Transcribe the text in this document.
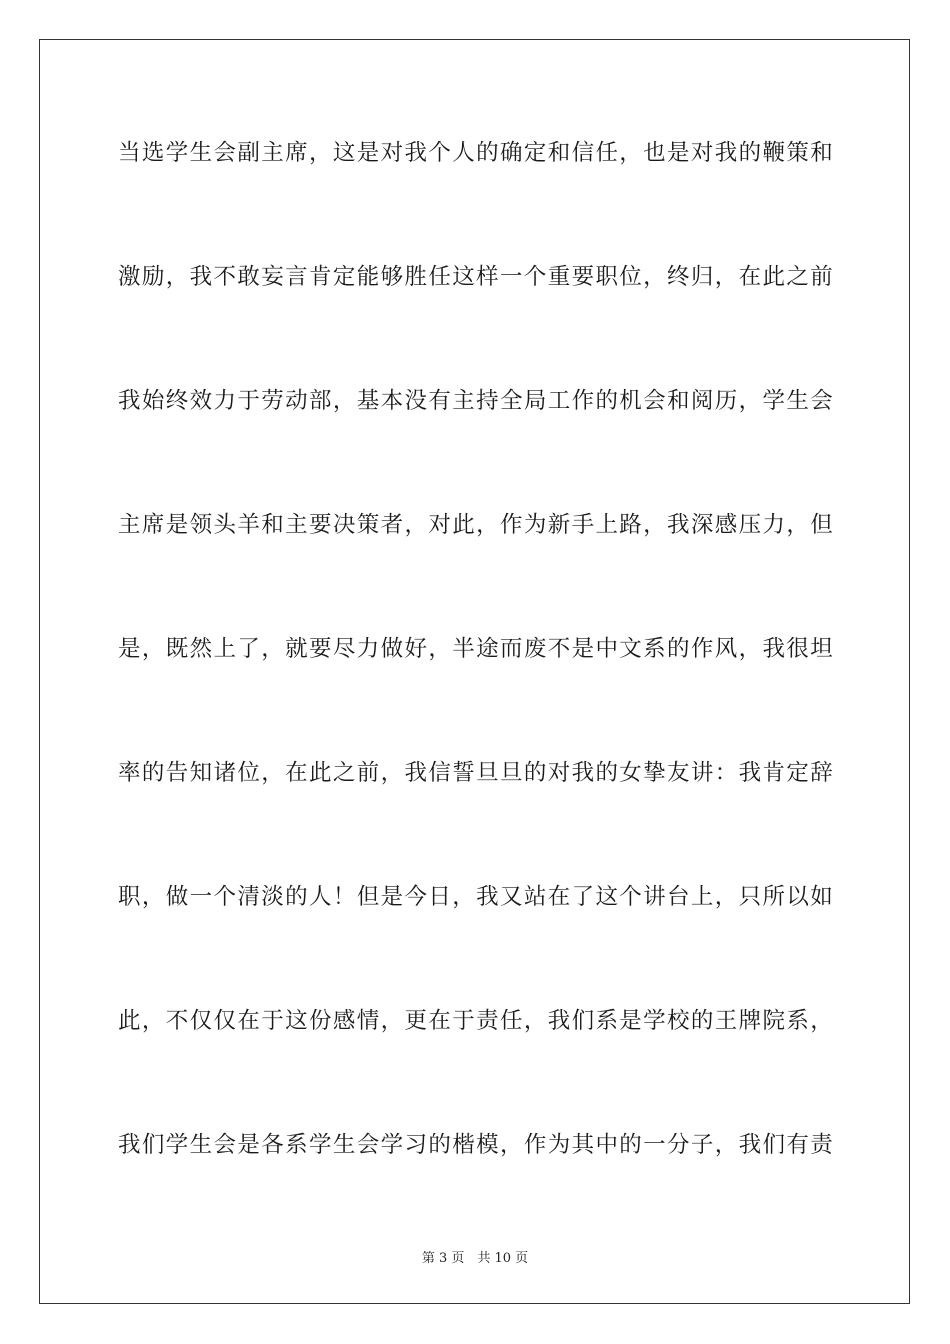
当选学生会副主席，这是对我个人的确定和信任，也是对我的鞭策和
激励，我不敢妄言肯定能够胜任这样一个重要职位，终归，在此之前
我始终效力于劳动部，基本没有主持全局工作的机会和阅历，学生会
主席是领头羊和主要决策者，对此，作为新手上路，我深感压力，但
是，既然上了，就要尽力做好，半途而废不是中文系的作风，我很坦
率的告知诸位，在此之前，我信誓旦旦的对我的女挚友讲：我肯定辞
职，做一个清淡的人！但是今日，我又站在了这个讲台上，只所以如
此，不仅仅在于这份感情，更在于责任，我们系是学校的王牌院系，
我们学生会是各系学生会学习的楷模，作为其中的一分子，我们有责
第 3 页　共 10 页
